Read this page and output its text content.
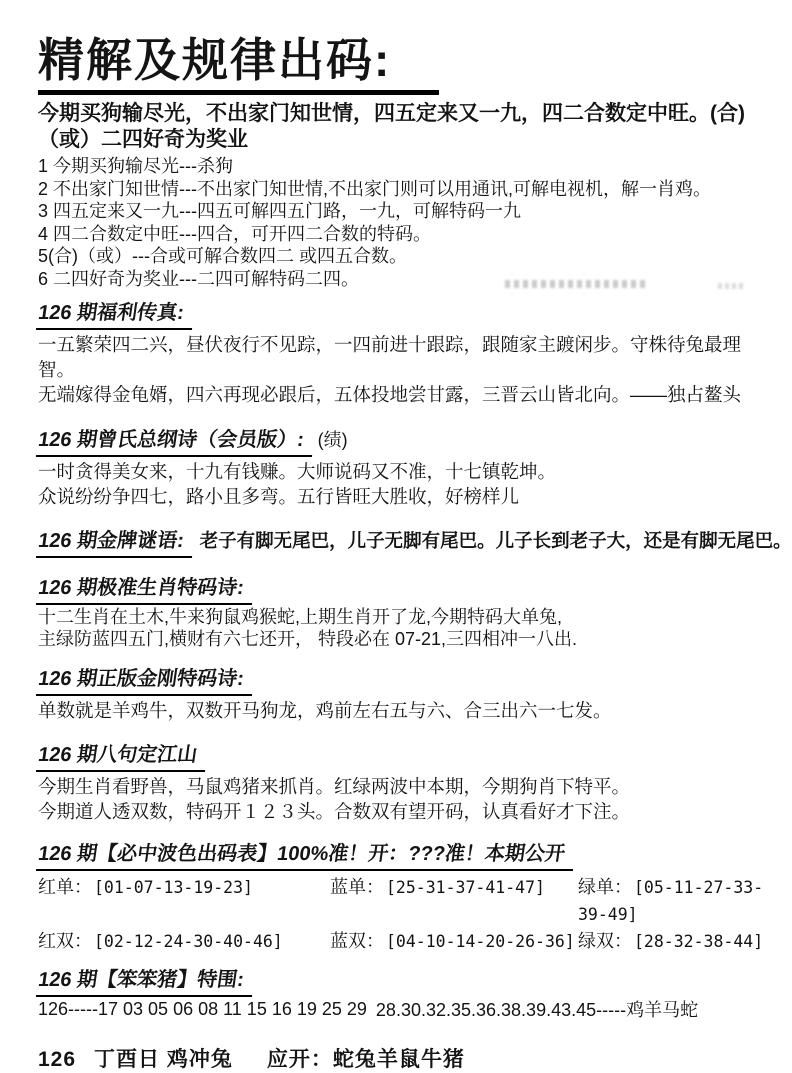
精解及规律出码:
今期买狗输尽光，不出家门知世情，四五定来又一九，四二合数定中旺。(合)
（或）二四好奇为奖业
1 今期买狗输尽光---杀狗
2 不出家门知世情---不出家门知世情,不出家门则可以用通讯,可解电视机，解一肖鸡。
3 四五定来又一九---四五可解四五门路，一九，可解特码一九
4 四二合数定中旺---四合，可开四二合数的特码。
5(合)（或）---合或可解合数四二 或四五合数。
6 二四好奇为奖业---二四可解特码二四。
126 期福利传真:
一五繁荣四二兴，昼伏夜行不见踪，一四前进十跟踪，跟随家主踱闲步。守株待兔最理智。
无端嫁得金龟婿，四六再现必跟后，五体投地尝甘露，三晋云山皆北向。——独占鳌头
126 期曾氏总纲诗（会员版）: (绩)
一时贪得美女来，十九有钱赚。大师说码又不准，十七镇乾坤。
众说纷纷争四七，路小且多弯。五行皆旺大胜收，好榜样儿
126 期金牌谜语: 老子有脚无尾巴，儿子无脚有尾巴。儿子长到老子大，还是有脚无尾巴。
126 期极准生肖特码诗:
十二生肖在土木,牛来狗鼠鸡猴蛇,上期生肖开了龙,今期特码大单兔,
主绿防蓝四五门,横财有六七还开， 特段必在 07-21,三四相冲一八出.
126 期正版金刚特码诗:
单数就是羊鸡牛，双数开马狗龙，鸡前左右五与六、合三出六一七发。
126 期八句定江山
今期生肖看野兽，马鼠鸡猪来抓肖。红绿两波中本期，今期狗肖下特平。
今期道人透双数，特码开１２３头。合数双有望开码，认真看好才下注。
126 期【必中波色出码表】100%准！开：???准！本期公开
红单： [01-07-13-19-23]	蓝单： [25-31-37-41-47]	绿单： [05-11-27-33-39-49]
红双： [02-12-24-30-40-46]	蓝双： [04-10-14-20-26-36] 绿双： [28-32-38-44]
126 期【笨笨猪】特围:
126-----17 03 05 06 08 11 15 16 19 25 29 28.30.32.35.36.38.39.43.45-----鸡羊马蛇
126 丁酉日 鸡冲兔 应开：蛇兔羊鼠牛猪
